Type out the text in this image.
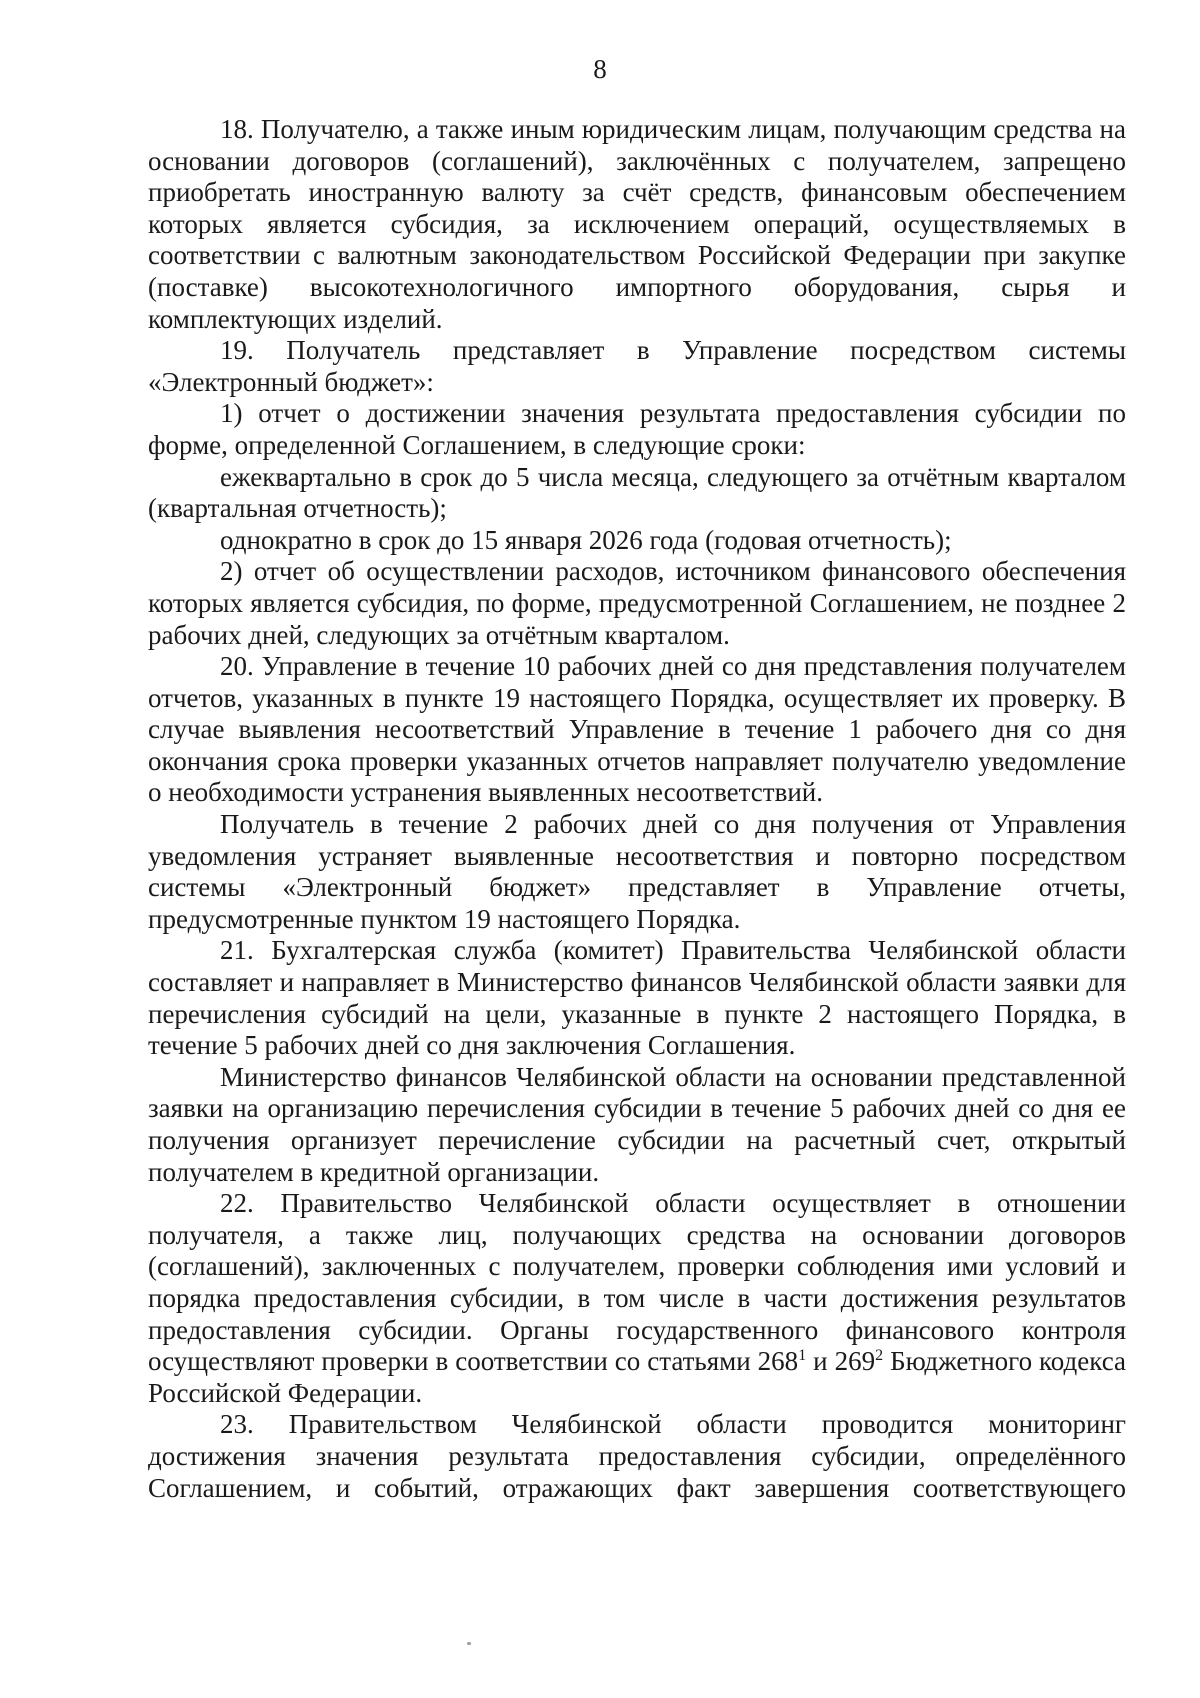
8

18. Получателю, а также иным юридическим лицам, получающим средства на основании договоров (соглашений), заключённых с получателем, запрещено приобретать иностранную валюту за счёт средств, финансовым обеспечением которых является субсидия, за исключением операций, осуществляемых в соответствии с валютным законодательством Российской Федерации при закупке (поставке) высокотехнологичного импортного оборудования, сырья и комплектующих изделий.

19. Получатель представляет в Управление посредством системы «Электронный бюджет»:

1) отчет о достижении значения результата предоставления субсидии по форме, определенной Соглашением, в следующие сроки:

ежеквартально в срок до 5 числа месяца, следующего за отчётным кварталом (квартальная отчетность);

однократно в срок до 15 января 2026 года (годовая отчетность);

2) отчет об осуществлении расходов, источником финансового обеспечения которых является субсидия, по форме, предусмотренной Соглашением, не позднее 2 рабочих дней, следующих за отчётным кварталом.

20. Управление в течение 10 рабочих дней со дня представления получателем отчетов, указанных в пункте 19 настоящего Порядка, осуществляет их проверку. В случае выявления несоответствий Управление в течение 1 рабочего дня со дня окончания срока проверки указанных отчетов направляет получателю уведомление о необходимости устранения выявленных несоответствий.

Получатель в течение 2 рабочих дней со дня получения от Управления уведомления устраняет выявленные несоответствия и повторно посредством системы «Электронный бюджет» представляет в Управление отчеты, предусмотренные пунктом 19 настоящего Порядка.

21. Бухгалтерская служба (комитет) Правительства Челябинской области составляет и направляет в Министерство финансов Челябинской области заявки для перечисления субсидий на цели, указанные в пункте 2 настоящего Порядка, в течение 5 рабочих дней со дня заключения Соглашения.

Министерство финансов Челябинской области на основании представленной заявки на организацию перечисления субсидии в течение 5 рабочих дней со дня ее получения организует перечисление субсидии на расчетный счет, открытый получателем в кредитной организации.

22. Правительство Челябинской области осуществляет в отношении получателя, а также лиц, получающих средства на основании договоров (соглашений), заключенных с получателем, проверки соблюдения ими условий и порядка предоставления субсидии, в том числе в части достижения результатов предоставления субсидии. Органы государственного финансового контроля осуществляют проверки в соответствии со статьями $268^1$ и $269^2$ Бюджетного кодекса Российской Федерации.

23. Правительством Челябинской области проводится мониторинг достижения значения результата предоставления субсидии, определённого Соглашением, и событий, отражающих факт завершения соответствующего
